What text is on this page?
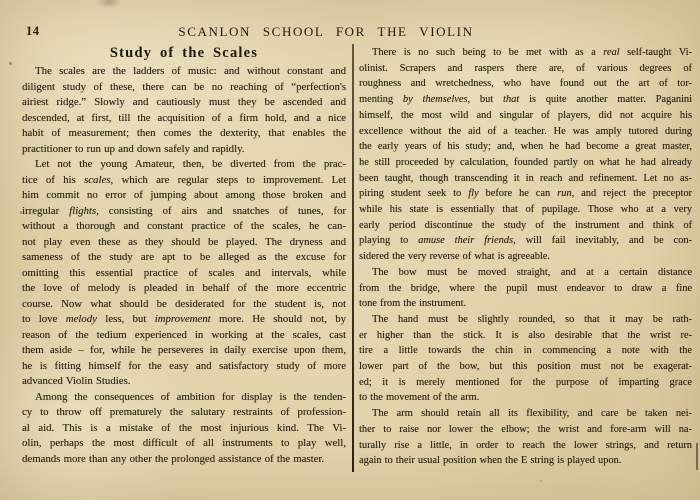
14	SCANLON SCHOOL FOR THE VIOLIN
Study of the Scales
The scales are the ladders of music: and without constant and
diligent study of these, there can be no reaching of “perfection's
airiest ridge.” Slowly and cautiously must they be ascended and
descended, at first, till the acquisition of a firm hold, and a nice
habit of measurement; then comes the dexterity, that enables the
practitioner to run up and down safely and rapidly.
Let not the young Amateur, then, be diverted from the prac-
tice of his scales, which are regular steps to improvement. Let
him commit no error of jumping about among those broken and
irregular flights, consisting of airs and snatches of tunes, for
without a thorough and constant practice of the scales, he can-
not play even these as they should be played. The dryness and
sameness of the study are apt to be alleged as the excuse for
omitting this essential practice of scales and intervals, while
the love of melody is pleaded in behalf of the more eccentric
course. Now what should be desiderated for the student is, not
to love melody less, but improvement more. He should not, by
reason of the tedium experienced in working at the scales, cast
them aside – for, while he perseveres in daily exercise upon them,
he is fitting himself for the easy and satisfactory study of more
advanced Violin Studies.
Among the consequences of ambition for display is the tenden-
cy to throw off prematurely the salutary restraints of profession-
al aid. This is a mistake of the most injurious kind. The Vi-
olin, perhaps the most difficult of all instruments to play well,
demands more than any other the prolonged assistance of the master.
There is no such being to be met with as a real self-taught Vi-
olinist. Scrapers and raspers there are, of various degrees of
roughness and wretchedness, who have found out the art of tor-
menting by themselves, but that is quite another matter. Paganini
himself, the most wild and singular of players, did not acquire his
excellence without the aid of a teacher. He was amply tutored during
the early years of his study; and, when he had become a great master,
he still proceeded by calculation, founded partly on what he had already
been taught, though transcending it in reach and refinement. Let no as-
piring student seek to fly before he can run, and reject the preceptor
while his state is essentially that of pupilage. Those who at a very
early period discontinue the study of the instrument and think of
playing to amuse their friends, will fail inevitably, and be con-
sidered the very reverse of what is agreeable.
The bow must be moved straight, and at a certain distance
from the bridge, where the pupil must endeavor to draw a fine
tone from the instrument.
The hand must be slightly rounded, so that it may be rath-
er higher than the stick. It is also desirable that the wrist re-
tire a little towards the chin in commencing a note with the
lower part of the bow, but this position must not be exagerat-
ed; it is merely mentioned for the purpose of imparting grace
to the movement of the arm.
The arm should retain all its flexibility, and care be taken nei-
ther to raise nor lower the elbow; the wrist and fore-arm will na-
turally rise a little, in order to reach the lower strings, and return
again to their usual position when the E string is played upon.
